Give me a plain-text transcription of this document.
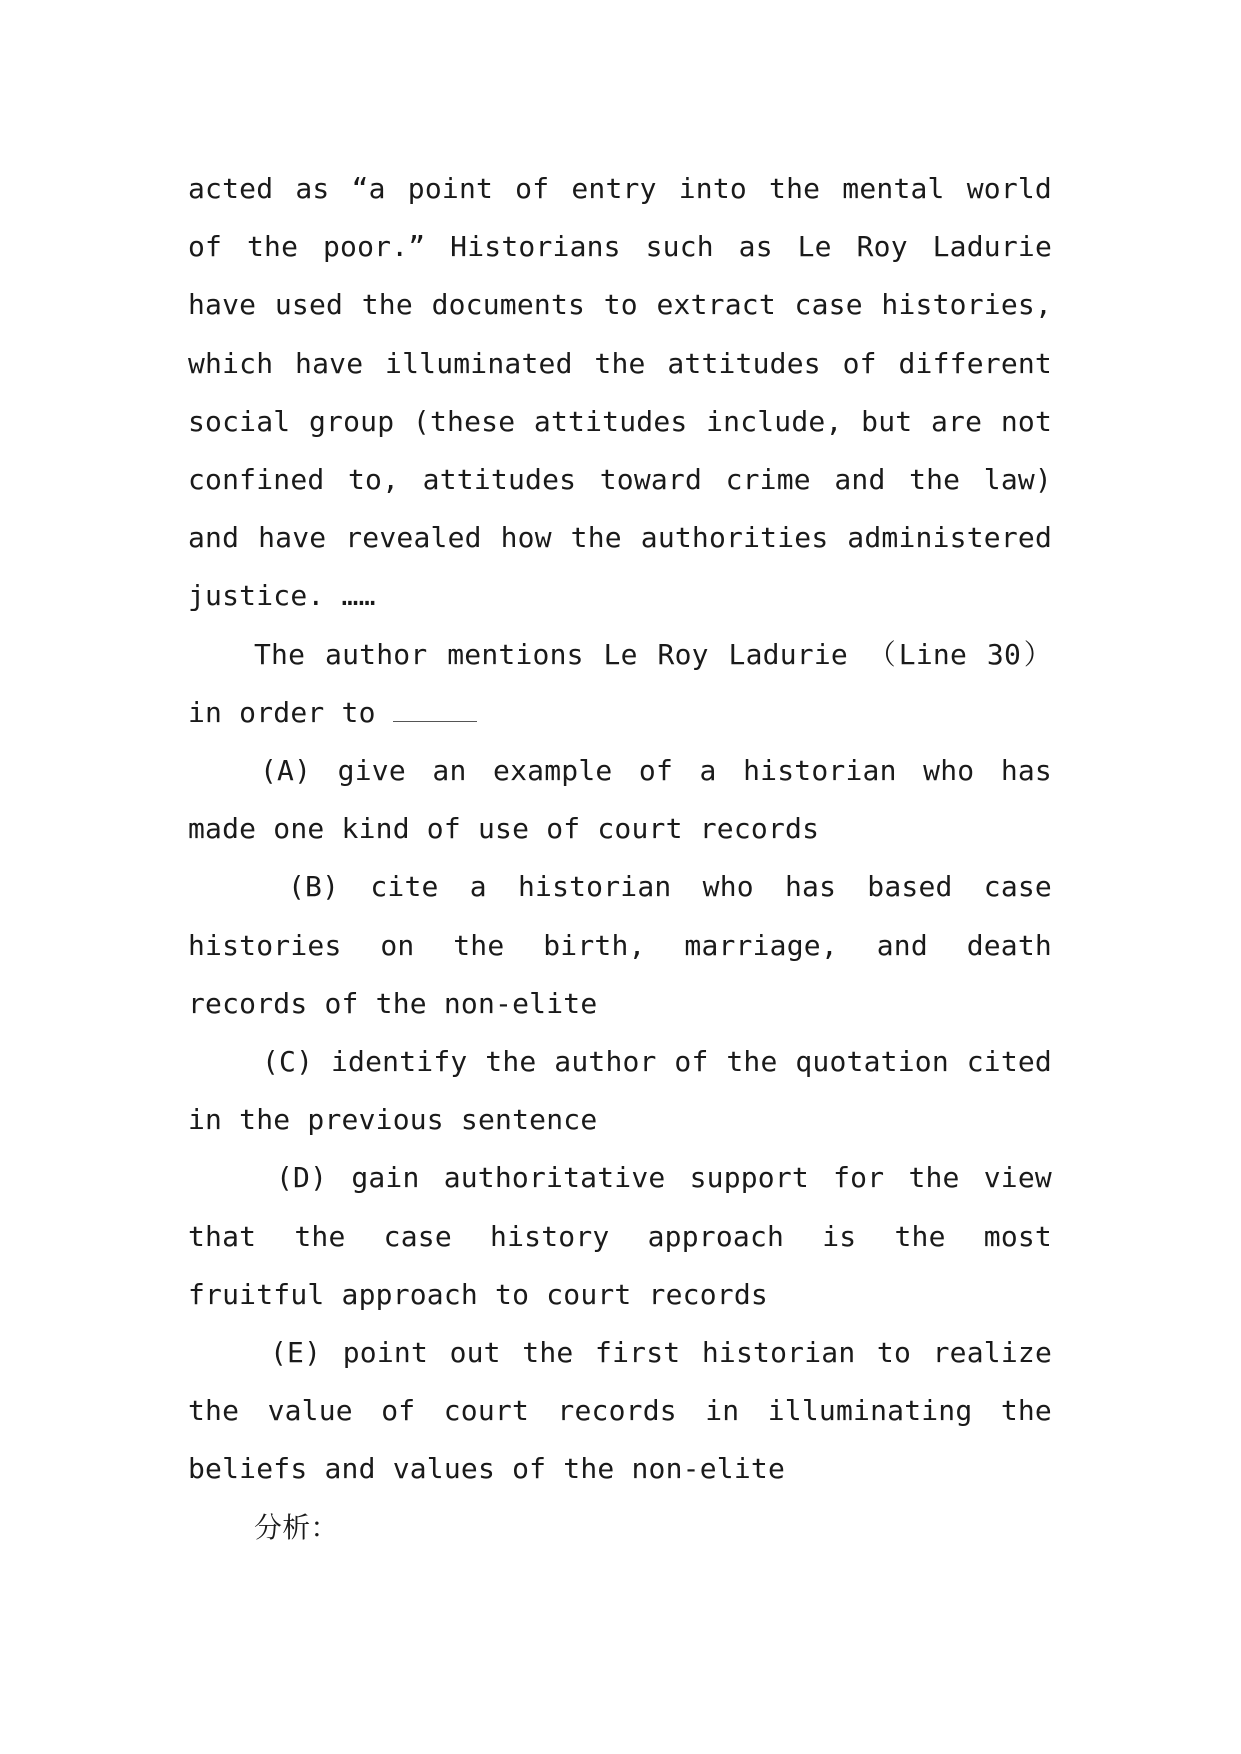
acted as “a point of entry into the mental world of the poor.” Historians such as Le Roy Ladurie have used the documents to extract case histories, which have illuminated the attitudes of different social group (these attitudes include, but are not confined to, attitudes toward crime and the law) and have revealed how the authorities administered justice. ……

The author mentions Le Roy Ladurie （Line 30）in order to

(A) give an example of a historian who has made one kind of use of court records

(B) cite a historian who has based case histories on the birth, marriage, and death records of the non-elite

(C) identify the author of the quotation cited in the previous sentence

(D) gain authoritative support for the view that the case history approach is the most fruitful approach to court records

(E) point out the first historian to realize the value of court records in illuminating the beliefs and values of the non-elite

分析：
